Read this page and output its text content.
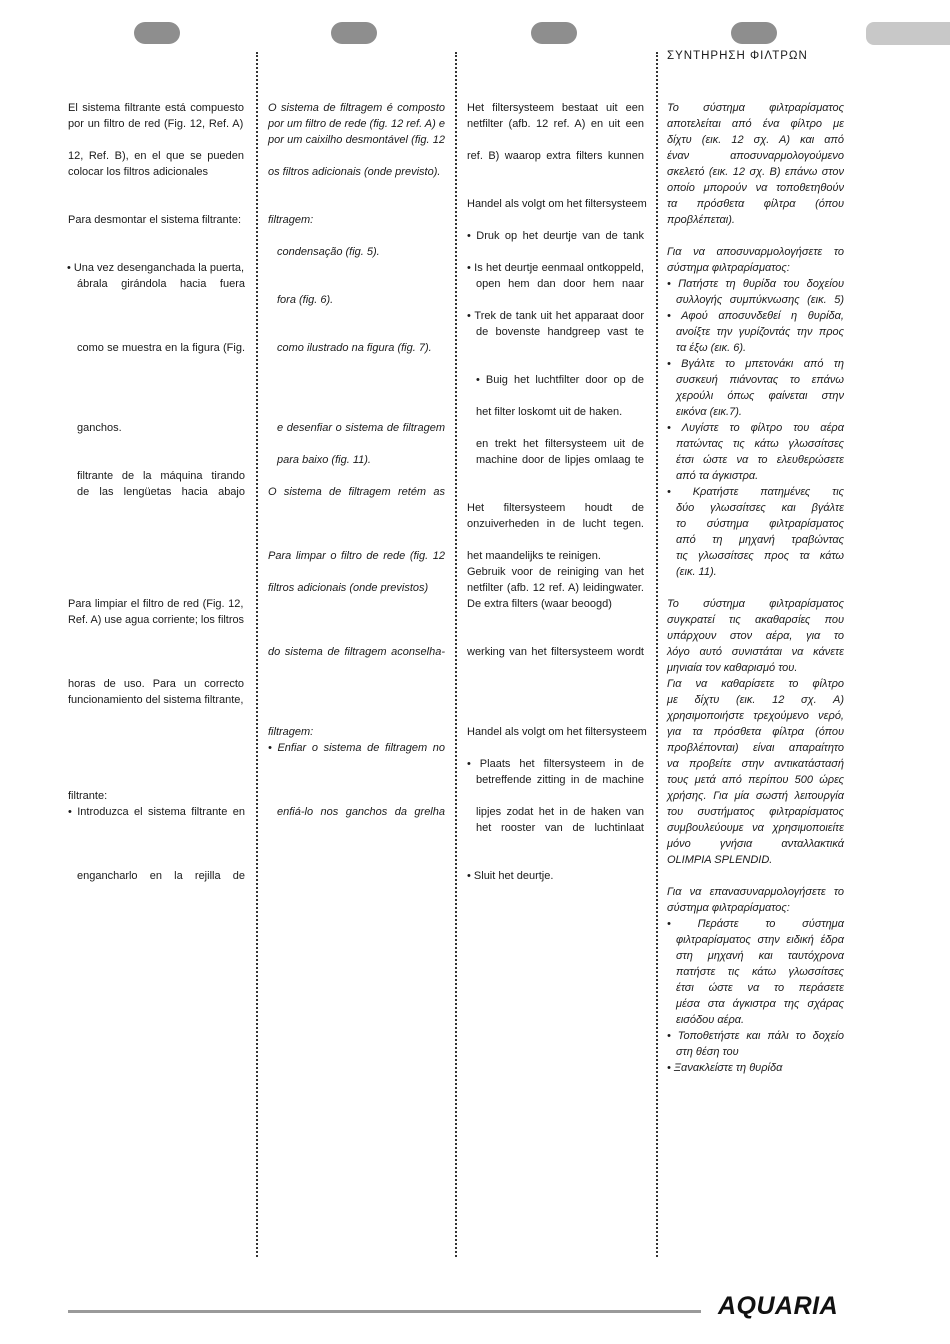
ΣΥΝΤΗΡΗΣΗ ΦΙΛΤΡΩΝ
El sistema filtrante está compuesto
por un filtro de red (Fig. 12, Ref. A)
12, Ref. B), en el que se pueden
colocar los filtros adicionales
Para desmontar el sistema filtrante:
• Una vez desenganchada la puerta,
ábrala girándola hacia fuera
como se muestra en la figura (Fig.
ganchos.
filtrante de la máquina tirando
de las lengüetas hacia abajo
Para limpiar el filtro de red (Fig. 12,
Ref. A) use agua corriente; los filtros
horas de uso. Para un correcto
funcionamiento del sistema filtrante,
filtrante:
• Introduzca el sistema filtrante en
engancharlo en la rejilla de
O sistema de filtragem é composto
por um filtro de rede (fig. 12 ref. A) e
por um caixilho desmontável (fig. 12
os filtros adicionais (onde previsto).
filtragem:
condensação (fig. 5).
fora (fig. 6).
como ilustrado na figura (fig. 7).
e desenfiar o sistema de filtragem
para baixo (fig. 11).
O sistema de filtragem retém as
Para limpar o filtro de rede (fig. 12
filtros adicionais (onde previstos)
do sistema de filtragem aconselha-
filtragem:
• Enfiar o sistema de filtragem no
enfiá-lo nos ganchos da grelha
Het filtersysteem bestaat uit een
netfilter (afb. 12 ref. A) en uit een
ref. B) waarop extra filters kunnen
Handel als volgt om het filtersysteem
• Druk op het deurtje van de tank
• Is het deurtje eenmaal ontkoppeld,
open hem dan door hem naar
• Trek de tank uit het apparaat door
de bovenste handgreep vast te
• Buig het luchtfilter door op de
het filter loskomt uit de haken.
en trekt het filtersysteem uit de
machine door de lipjes omlaag te
Het filtersysteem houdt de
onzuiverheden in de lucht tegen.
het maandelijks te reinigen.
Gebruik voor de reiniging van het
netfilter (afb. 12 ref. A) leidingwater.
De extra filters (waar beoogd)
werking van het filtersysteem wordt
Handel als volgt om het filtersysteem
• Plaats het filtersysteem in de
betreffende zitting in de machine
lipjes zodat het in de haken van
het rooster van de luchtinlaat
• Sluit het deurtje.
Το σύστημα φιλτραρίσματος
αποτελείται από ένα φίλτρο με
δίχτυ (εικ. 12 σχ. Α) και από
έναν αποσυναρμολογούμενο
σκελετό (εικ. 12 σχ. Β) επάνω στον
οποίο μπορούν να τοποθετηθούν
τα πρόσθετα φίλτρα (όπου
προβλέπεται).
Για να αποσυναρμολογήσετε το
σύστημα φιλτραρίσματος:
• Πατήστε τη θυρίδα του δοχείου
συλλογής συμπύκνωσης (εικ. 5)
• Αφού αποσυνδεθεί η θυρίδα,
ανοίξτε την γυρίζοντάς την προς
τα έξω (εικ. 6).
• Βγάλτε το μπετονάκι από τη
συσκευή πιάνοντας το επάνω
χερούλι όπως φαίνεται στην
εικόνα (εικ.7).
• Λυγίστε το φίλτρο του αέρα
πατώντας τις κάτω γλωσσίτσες
έτσι ώστε να το ελευθερώσετε
από τα άγκιστρα.
• Κρατήστε πατημένες τις
δύο γλωσσίτσες και βγάλτε
το σύστημα φιλτραρίσματος
από τη μηχανή τραβώντας
τις γλωσσίτσες προς τα κάτω
(εικ. 11).
Το σύστημα φιλτραρίσματος
συγκρατεί τις ακαθαρσίες που
υπάρχουν στον αέρα, για το
λόγο αυτό συνιστάται να κάνετε
μηνιαία τον καθαρισμό του.
Για να καθαρίσετε το φίλτρο
με δίχτυ (εικ. 12 σχ. Α)
χρησιμοποιήστε τρεχούμενο νερό,
για τα πρόσθετα φίλτρα (όπου
προβλέπονται) είναι απαραίτητο
να προβείτε στην αντικατάστασή
τους μετά από περίπου 500 ώρες
χρήσης. Για μία σωστή λειτουργία
του συστήματος φιλτραρίσματος
συμβουλεύουμε να χρησιμοποιείτε
μόνο γνήσια ανταλλακτικά
OLIMPIA SPLENDID.
Για να επανασυναρμολογήσετε το
σύστημα φιλτραρίσματος:
• Περάστε το σύστημα
φιλτραρίσματος στην ειδική έδρα
στη μηχανή και ταυτόχρονα
πατήστε τις κάτω γλωσσίτσες
έτσι ώστε να το περάσετε
μέσα στα άγκιστρα της σχάρας
εισόδου αέρα.
• Τοποθετήστε και πάλι το δοχείο
στη θέση του
• Ξανακλείστε τη θυρίδα
AQUARIA
